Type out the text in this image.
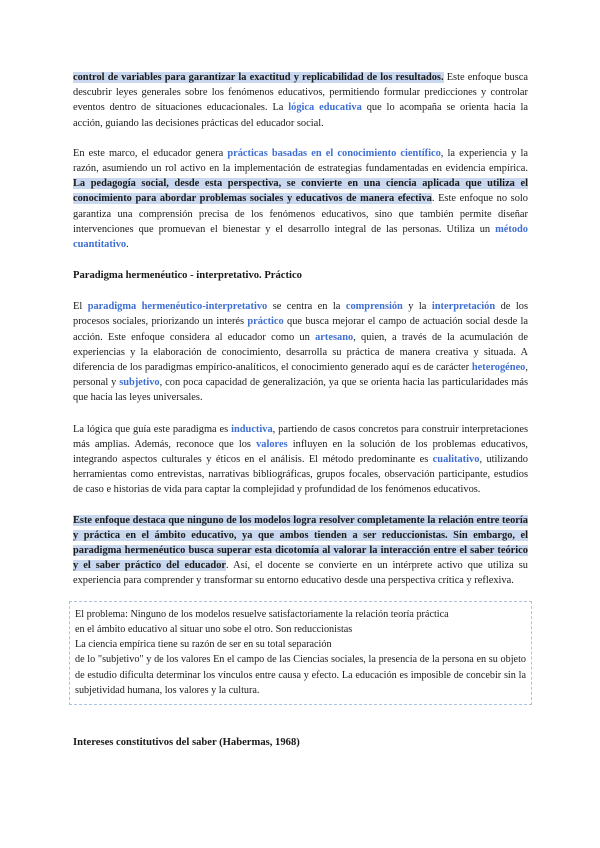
control de variables para garantizar la exactitud y replicabilidad de los resultados. Este enfoque busca descubrir leyes generales sobre los fenómenos educativos, permitiendo formular predicciones y controlar eventos dentro de situaciones educacionales. La lógica educativa que lo acompaña se orienta hacia la acción, guiando las decisiones prácticas del educador social.

En este marco, el educador genera prácticas basadas en el conocimiento científico, la experiencia y la razón, asumiendo un rol activo en la implementación de estrategias fundamentadas en evidencia empírica. La pedagogía social, desde esta perspectiva, se convierte en una ciencia aplicada que utiliza el conocimiento para abordar problemas sociales y educativos de manera efectiva. Este enfoque no solo garantiza una comprensión precisa de los fenómenos educativos, sino que también permite diseñar intervenciones que promuevan el bienestar y el desarrollo integral de las personas. Utiliza un método cuantitativo.

Paradigma hermenéutico - interpretativo. Práctico

El paradigma hermenéutico-interpretativo se centra en la comprensión y la interpretación de los procesos sociales, priorizando un interés práctico que busca mejorar el campo de actuación social desde la acción. Este enfoque considera al educador como un artesano, quien, a través de la acumulación de experiencias y la elaboración de conocimiento, desarrolla su práctica de manera creativa y situada. A diferencia de los paradigmas empírico-analíticos, el conocimiento generado aquí es de carácter heterogéneo, personal y subjetivo, con poca capacidad de generalización, ya que se orienta hacia las particularidades más que hacia las leyes universales.

La lógica que guía este paradigma es inductiva, partiendo de casos concretos para construir interpretaciones más amplias. Además, reconoce que los valores influyen en la solución de los problemas educativos, integrando aspectos culturales y éticos en el análisis. El método predominante es cualitativo, utilizando herramientas como entrevistas, narrativas bibliográficas, grupos focales, observación participante, estudios de caso e historias de vida para captar la complejidad y profundidad de los fenómenos educativos.

Este enfoque destaca que ninguno de los modelos logra resolver completamente la relación entre teoría y práctica en el ámbito educativo, ya que ambos tienden a ser reduccionistas. Sin embargo, el paradigma hermenéutico busca superar esta dicotomía al valorar la interacción entre el saber teórico y el saber práctico del educador. Así, el docente se convierte en un intérprete activo que utiliza su experiencia para comprender y transformar su entorno educativo desde una perspectiva crítica y reflexiva.

El problema: Ninguno de los modelos resuelve satisfactoriamente la relación teoría práctica

en el ámbito educativo al situar uno sobe el otro. Son reduccionistas

La ciencia empírica tiene su razón de ser en su total separación

de lo "subjetivo" y de los valores En el campo de las Ciencias sociales, la presencia de la persona en su objeto de estudio dificulta determinar los vínculos entre causa y efecto. La educación es imposible de concebir sin la subjetividad humana, los valores y la cultura.

Intereses constitutivos del saber (Habermas, 1968)
